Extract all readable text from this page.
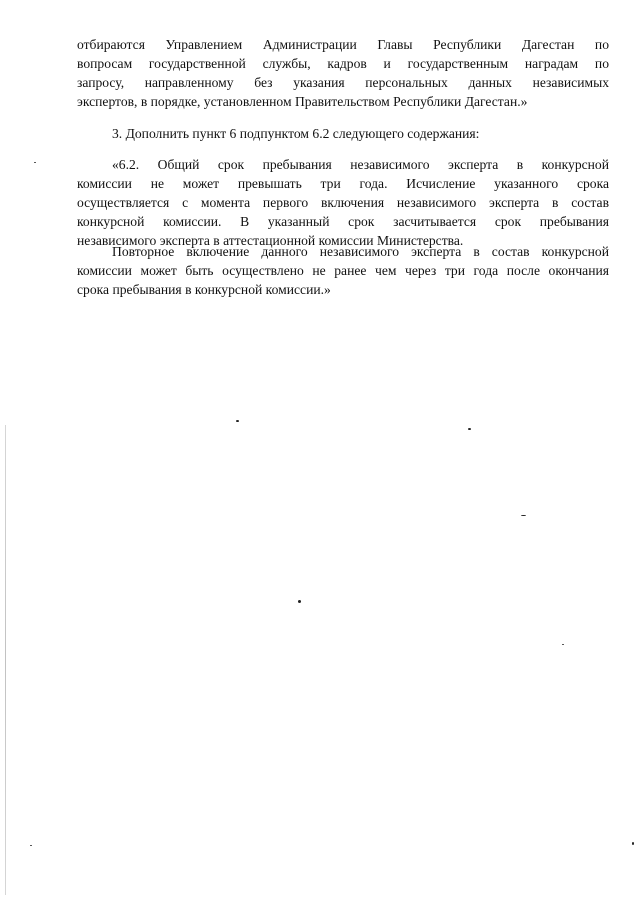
отбираются Управлением Администрации Главы Республики Дагестан по
вопросам государственной службы, кадров и государственным наградам по
запросу, направленному без указания персональных данных независимых
экспертов, в порядке, установленном Правительством Республики Дагестан.»
3. Дополнить пункт 6 подпунктом 6.2 следующего содержания:
«6.2. Общий срок пребывания независимого эксперта в конкурсной
комиссии не может превышать три года. Исчисление указанного срока
осуществляется с момента первого включения независимого эксперта в состав
конкурсной комиссии. В указанный срок засчитывается срок пребывания
независимого эксперта в аттестационной комиссии Министерства.
Повторное включение данного независимого эксперта в состав конкурсной
комиссии может быть осуществлено не ранее чем через три года после окончания
срока пребывания в конкурсной комиссии.»
